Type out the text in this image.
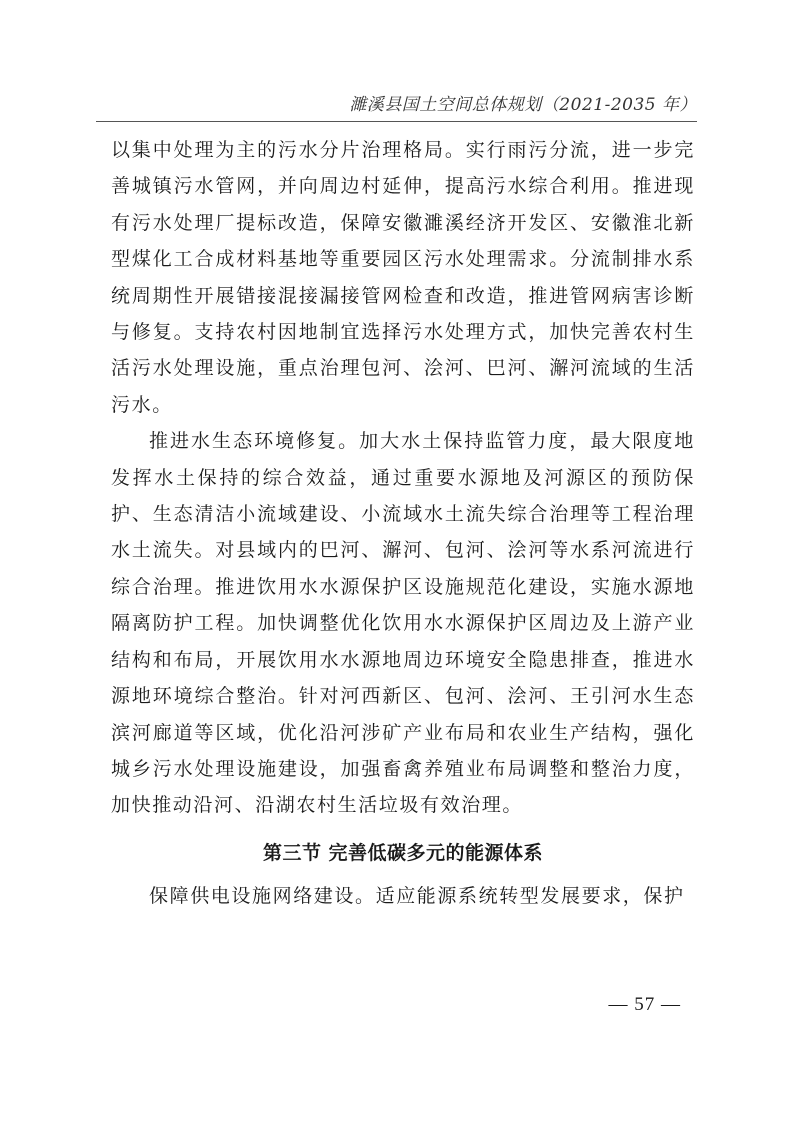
濉溪县国土空间总体规划（2021-2035 年）

以集中处理为主的污水分片治理格局。实行雨污分流，进一步完善城镇污水管网，并向周边村延伸，提高污水综合利用。推进现有污水处理厂提标改造，保障安徽濉溪经济开发区、安徽淮北新型煤化工合成材料基地等重要园区污水处理需求。分流制排水系统周期性开展错接混接漏接管网检查和改造，推进管网病害诊断与修复。支持农村因地制宜选择污水处理方式，加快完善农村生活污水处理设施，重点治理包河、浍河、巴河、澥河流域的生活污水。

推进水生态环境修复。加大水土保持监管力度，最大限度地发挥水土保持的综合效益，通过重要水源地及河源区的预防保护、生态清洁小流域建设、小流域水土流失综合治理等工程治理水土流失。对县域内的巴河、澥河、包河、浍河等水系河流进行综合治理。推进饮用水水源保护区设施规范化建设，实施水源地隔离防护工程。加快调整优化饮用水水源保护区周边及上游产业结构和布局，开展饮用水水源地周边环境安全隐患排查，推进水源地环境综合整治。针对河西新区、包河、浍河、王引河水生态滨河廊道等区域，优化沿河涉矿产业布局和农业生产结构，强化城乡污水处理设施建设，加强畜禽养殖业布局调整和整治力度，加快推动沿河、沿湖农村生活垃圾有效治理。

第三节 完善低碳多元的能源体系

保障供电设施网络建设。适应能源系统转型发展要求，保护

— 57 —
